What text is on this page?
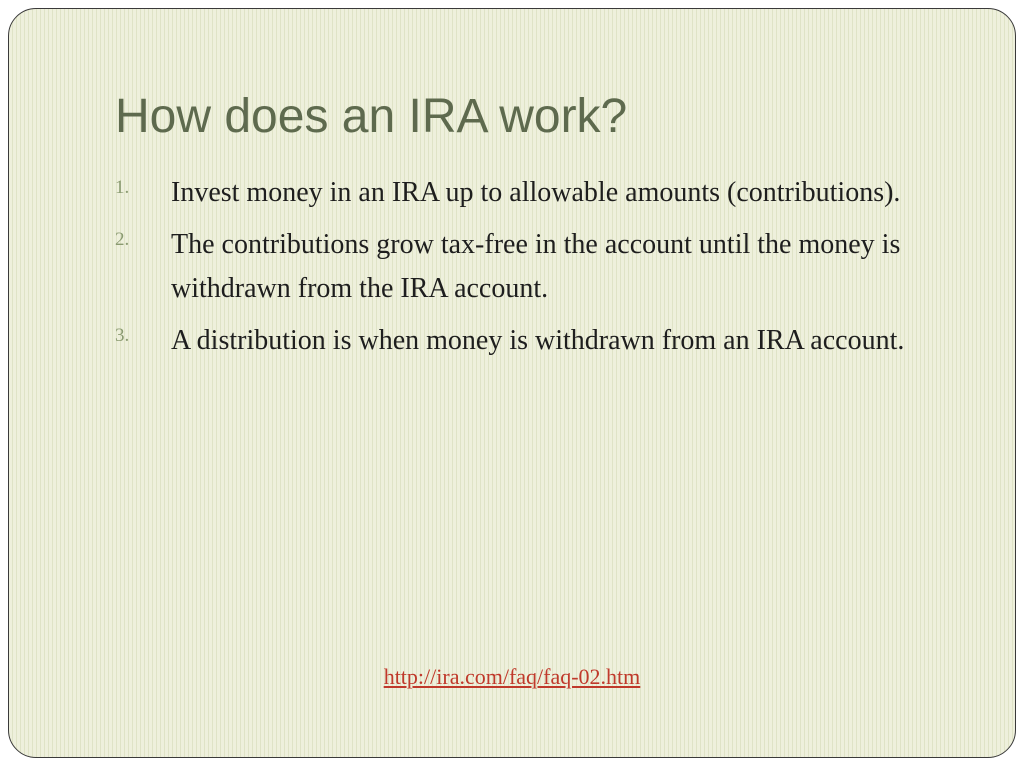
How does an IRA work?
1. Invest money in an IRA up to allowable amounts (contributions).
2. The contributions grow tax-free in the account until the money is withdrawn from the IRA account.
3. A distribution is when money is withdrawn from an IRA account.
http://ira.com/faq/faq-02.htm
